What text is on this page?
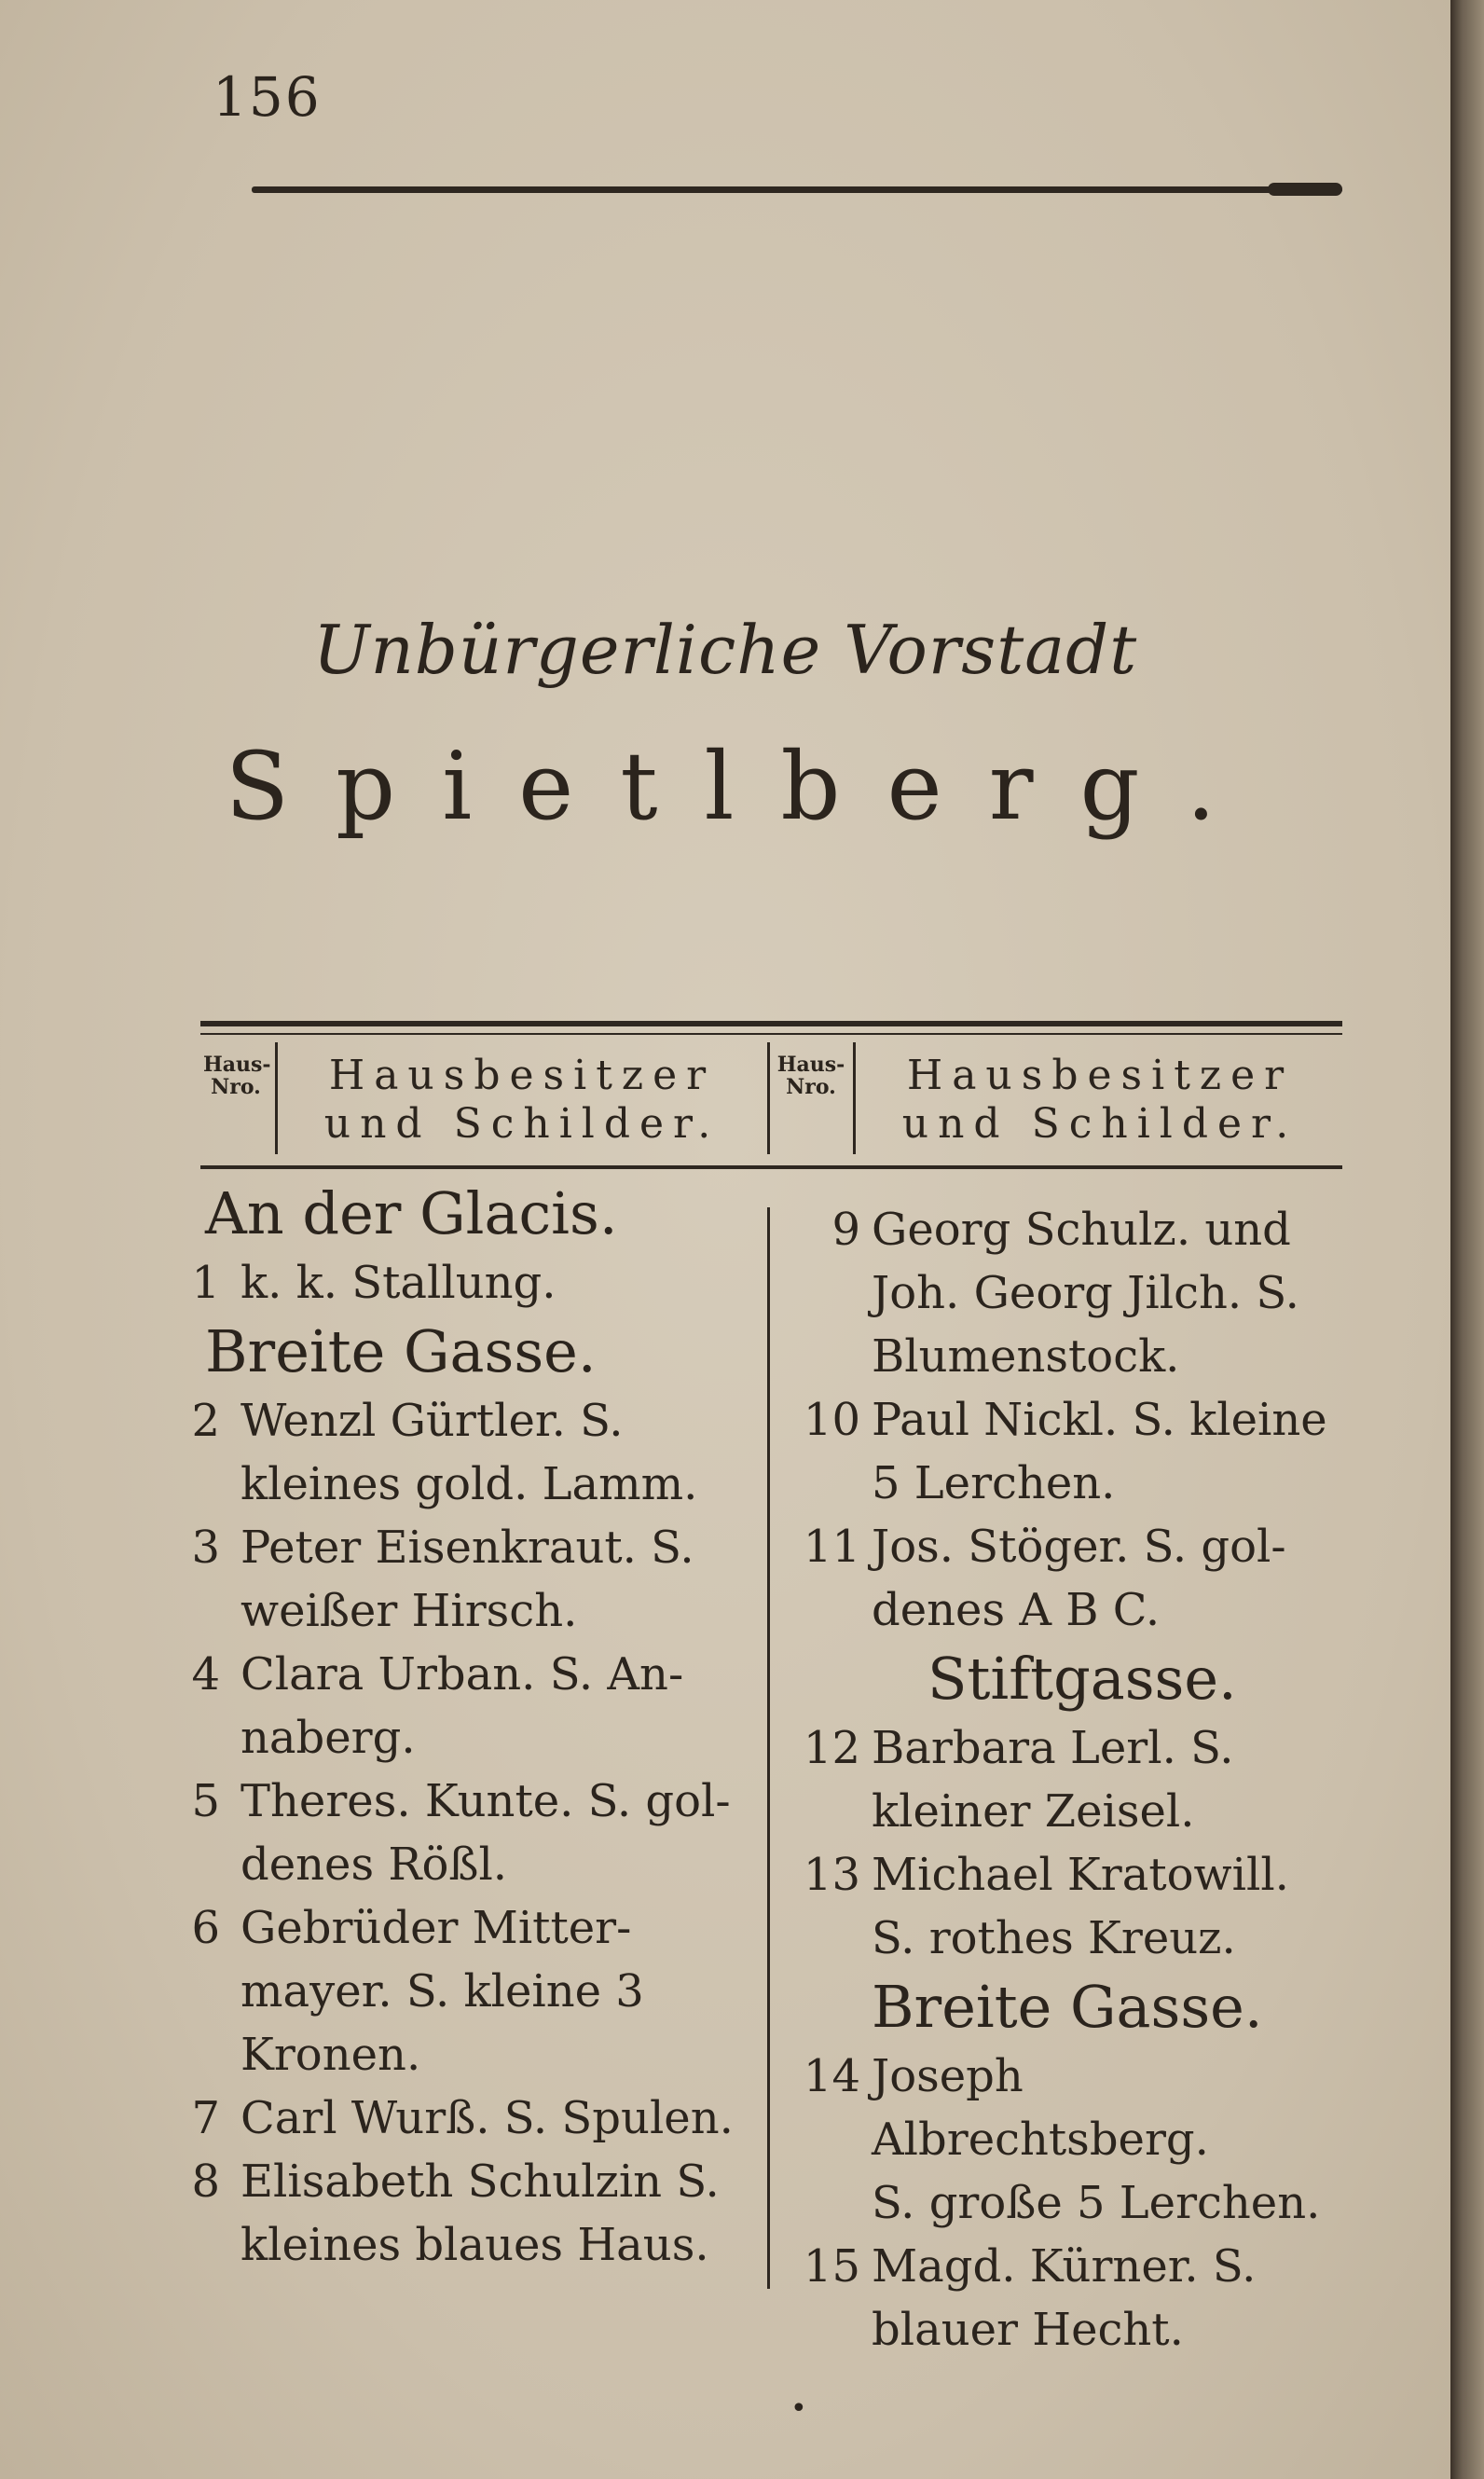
156
Unbürgerliche Vorstadt
Spietlberg.
Haus-Nro.	Hausbesitzer
und Schilder.
Haus-Nro.	Hausbesitzer
und Schilder.
An der Glacis.
1 k. k. Stallung.
Breite Gasse.
2 Wenzl Gürtler. S.
kleines gold. Lamm.
3 Peter Eisenkraut. S.
weißer Hirsch.
4 Clara Urban. S. An-
naberg.
5 Theres. Kunte. S. gol-
denes Rößl.
6 Gebrüder Mitter-
mayer. S. kleine 3
Kronen.
7 Carl Wurß. S. Spulen.
8 Elisabeth Schulzin S.
kleines blaues Haus.
9 Georg Schulz. und
Joh. Georg Jilch. S.
Blumenstock.
10 Paul Nickl. S. kleine
5 Lerchen.
11 Jos. Stöger. S. gol-
denes A B C.
Stiftgasse.
12 Barbara Lerl. S.
kleiner Zeisel.
13 Michael Kratowill.
S. rothes Kreuz.
Breite Gasse.
14 Joseph Albrechtsberg.
S. große 5 Lerchen.
15 Magd. Kürner. S.
blauer Hecht.
•
